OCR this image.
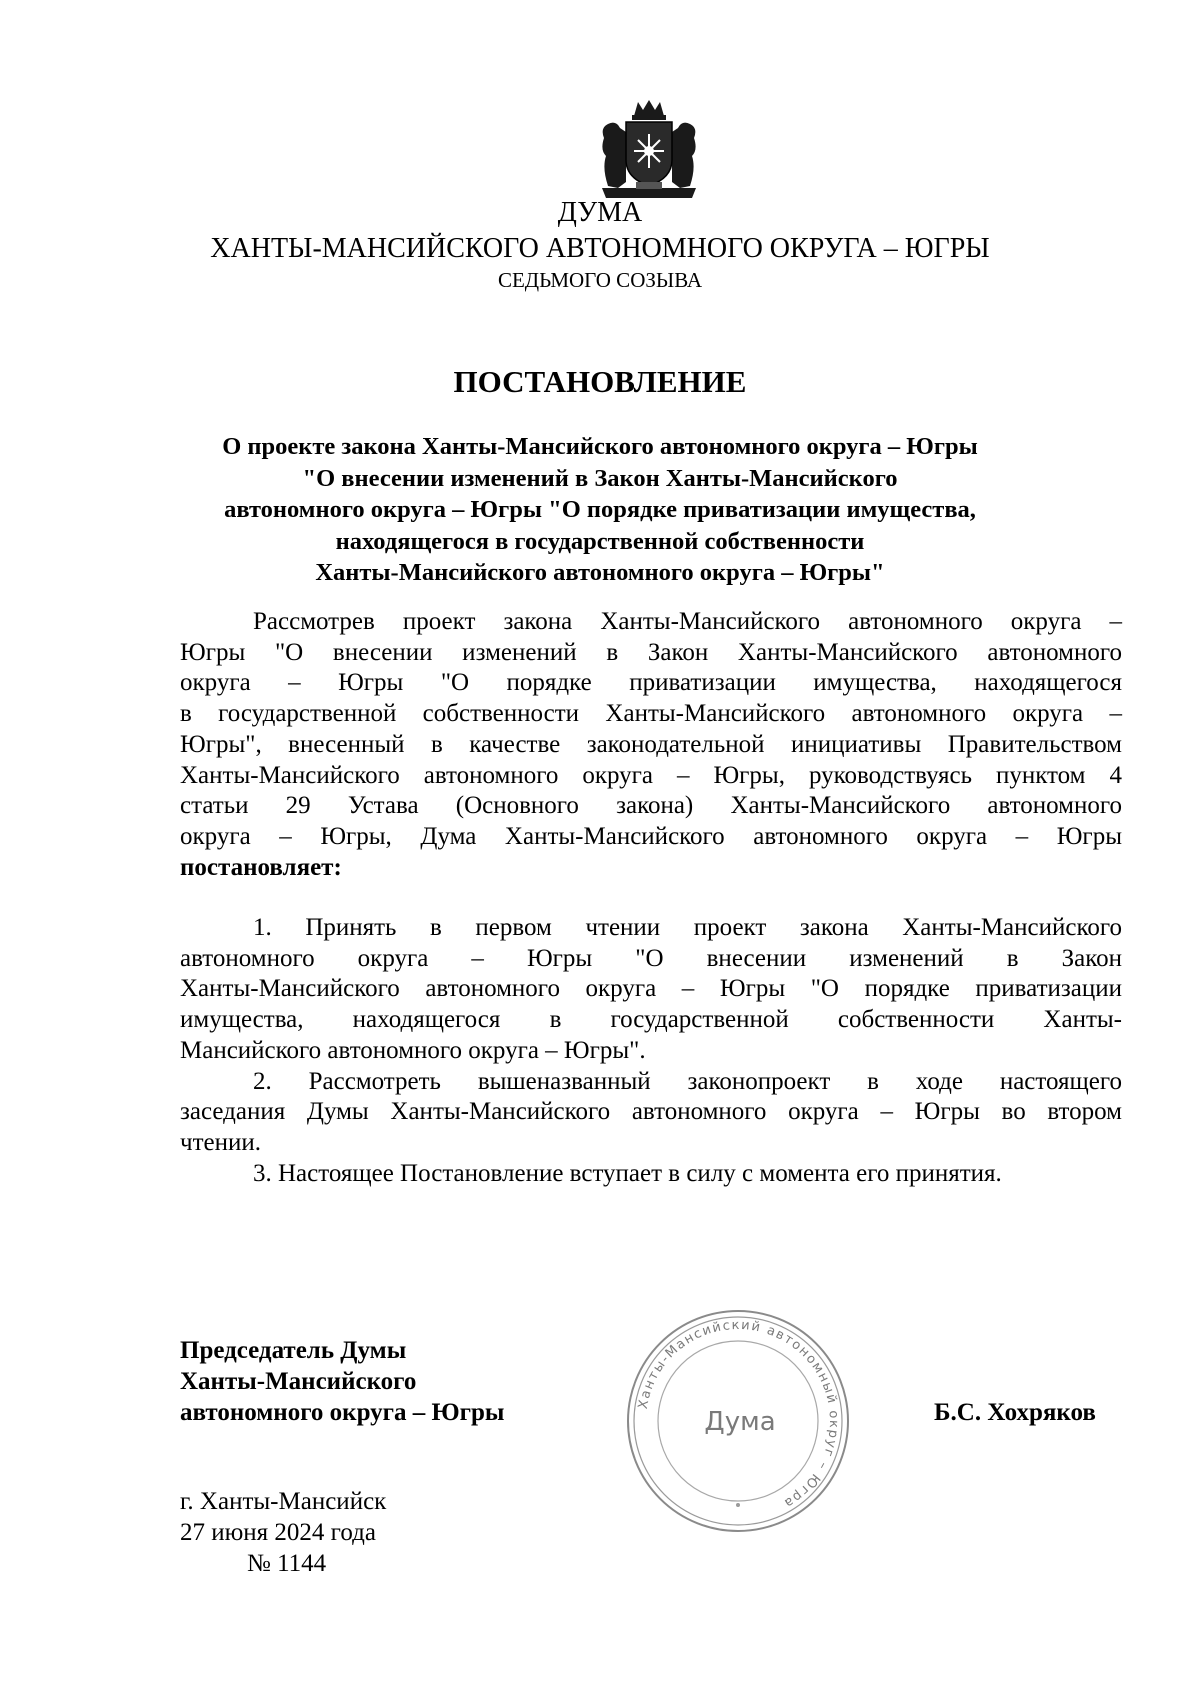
ДУМА
ХАНТЫ-МАНСИЙСКОГО АВТОНОМНОГО ОКРУГА – ЮГРЫ
СЕДЬМОГО СОЗЫВА
ПОСТАНОВЛЕНИЕ
О проекте закона Ханты-Мансийского автономного округа – Югры
"О внесении изменений в Закон Ханты-Мансийского
автономного округа – Югры "О порядке приватизации имущества,
находящегося в государственной собственности
Ханты-Мансийского автономного округа – Югры"
Рассмотрев проект закона Ханты-Мансийского автономного округа –
Югры "О внесении изменений в Закон Ханты-Мансийского автономного
округа – Югры "О порядке приватизации имущества, находящегося
в государственной собственности Ханты-Мансийского автономного округа –
Югры", внесенный в качестве законодательной инициативы Правительством
Ханты-Мансийского автономного округа – Югры, руководствуясь пунктом 4
статьи 29 Устава (Основного закона) Ханты-Мансийского автономного
округа – Югры, Дума Ханты-Мансийского автономного округа – Югры
постановляет:
1. Принять в первом чтении проект закона Ханты-Мансийского
автономного округа – Югры "О внесении изменений в Закон
Ханты-Мансийского автономного округа – Югры "О порядке приватизации
имущества, находящегося в государственной собственности Ханты-
Мансийского автономного округа – Югры".
2. Рассмотреть вышеназванный законопроект в ходе настоящего
заседания Думы Ханты-Мансийского автономного округа – Югры во втором
чтении.
3. Настоящее Постановление вступает в силу с момента его принятия.
Председатель Думы
Ханты-Мансийского
автономного округа – Югры	Ханты-Мансийский автономный округ – Югра
Дума	Б.С. Хохряков
г. Ханты-Мансийск
27 июня 2024 года
№ 1144
